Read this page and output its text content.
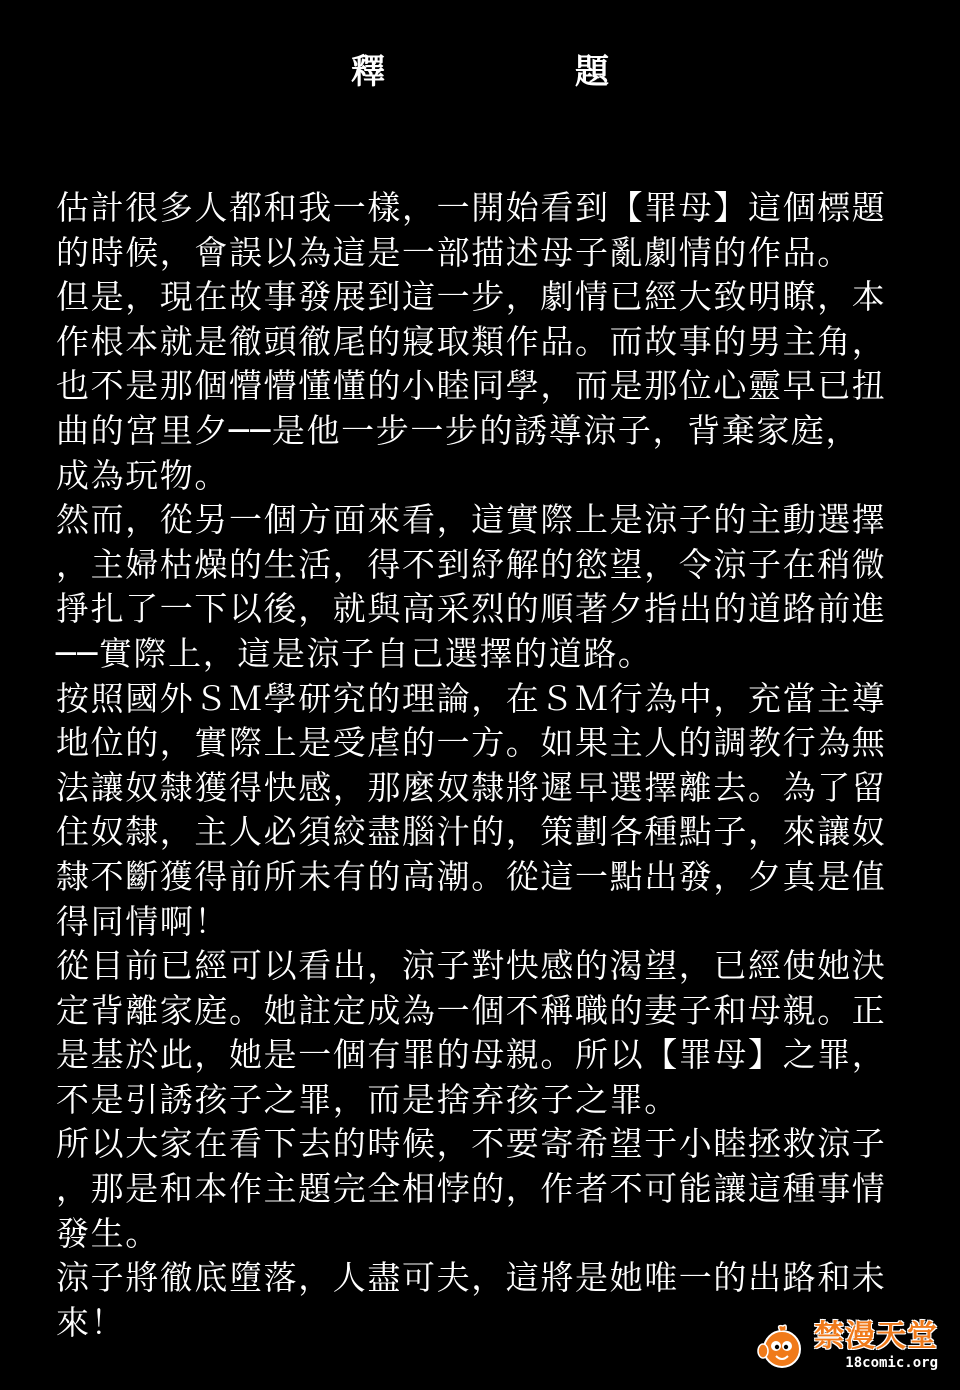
釋　題
估計很多人都和我一樣，一開始看到【罪母】這個標題
的時候，會誤以為這是一部描述母子亂劇情的作品。
但是，現在故事發展到這一步，劇情已經大致明瞭，本
作根本就是徹頭徹尾的寢取類作品。而故事的男主角，
也不是那個懵懵懂懂的小睦同學，而是那位心靈早已扭
曲的宮里夕──是他一步一步的誘導涼子，背棄家庭，
成為玩物。
然而，從另一個方面來看，這實際上是涼子的主動選擇
，主婦枯燥的生活，得不到紓解的慾望，令涼子在稍微
掙扎了一下以後，就與高采烈的順著夕指出的道路前進
──實際上，這是涼子自己選擇的道路。
按照國外ＳＭ學研究的理論，在ＳＭ行為中，充當主導
地位的，實際上是受虐的一方。如果主人的調教行為無
法讓奴隸獲得快感，那麼奴隸將遲早選擇離去。為了留
住奴隸，主人必須絞盡腦汁的，策劃各種點子，來讓奴
隸不斷獲得前所未有的高潮。從這一點出發，夕真是值
得同情啊！
從目前已經可以看出，涼子對快感的渴望，已經使她決
定背離家庭。她註定成為一個不稱職的妻子和母親。正
是基於此，她是一個有罪的母親。所以【罪母】之罪，
不是引誘孩子之罪，而是捨弃孩子之罪。
所以大家在看下去的時候，不要寄希望于小睦拯救涼子
，那是和本作主題完全相悖的，作者不可能讓這種事情
發生。
涼子將徹底墮落，人盡可夫，這將是她唯一的出路和未
來！	禁漫天堂
18comic.org
